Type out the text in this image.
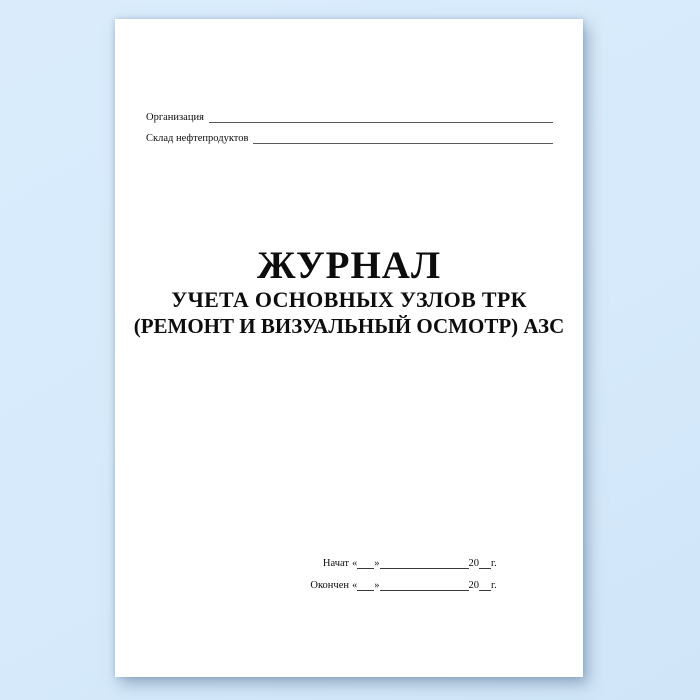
Организация
Склад нефтепродуктов
ЖУРНАЛ
УЧЕТА ОСНОВНЫХ УЗЛОВ ТРК
(РЕМОНТ И ВИЗУАЛЬНЫЙ ОСМОТР) АЗС
Начат « »	20 г.
Окончен « »	20 г.
